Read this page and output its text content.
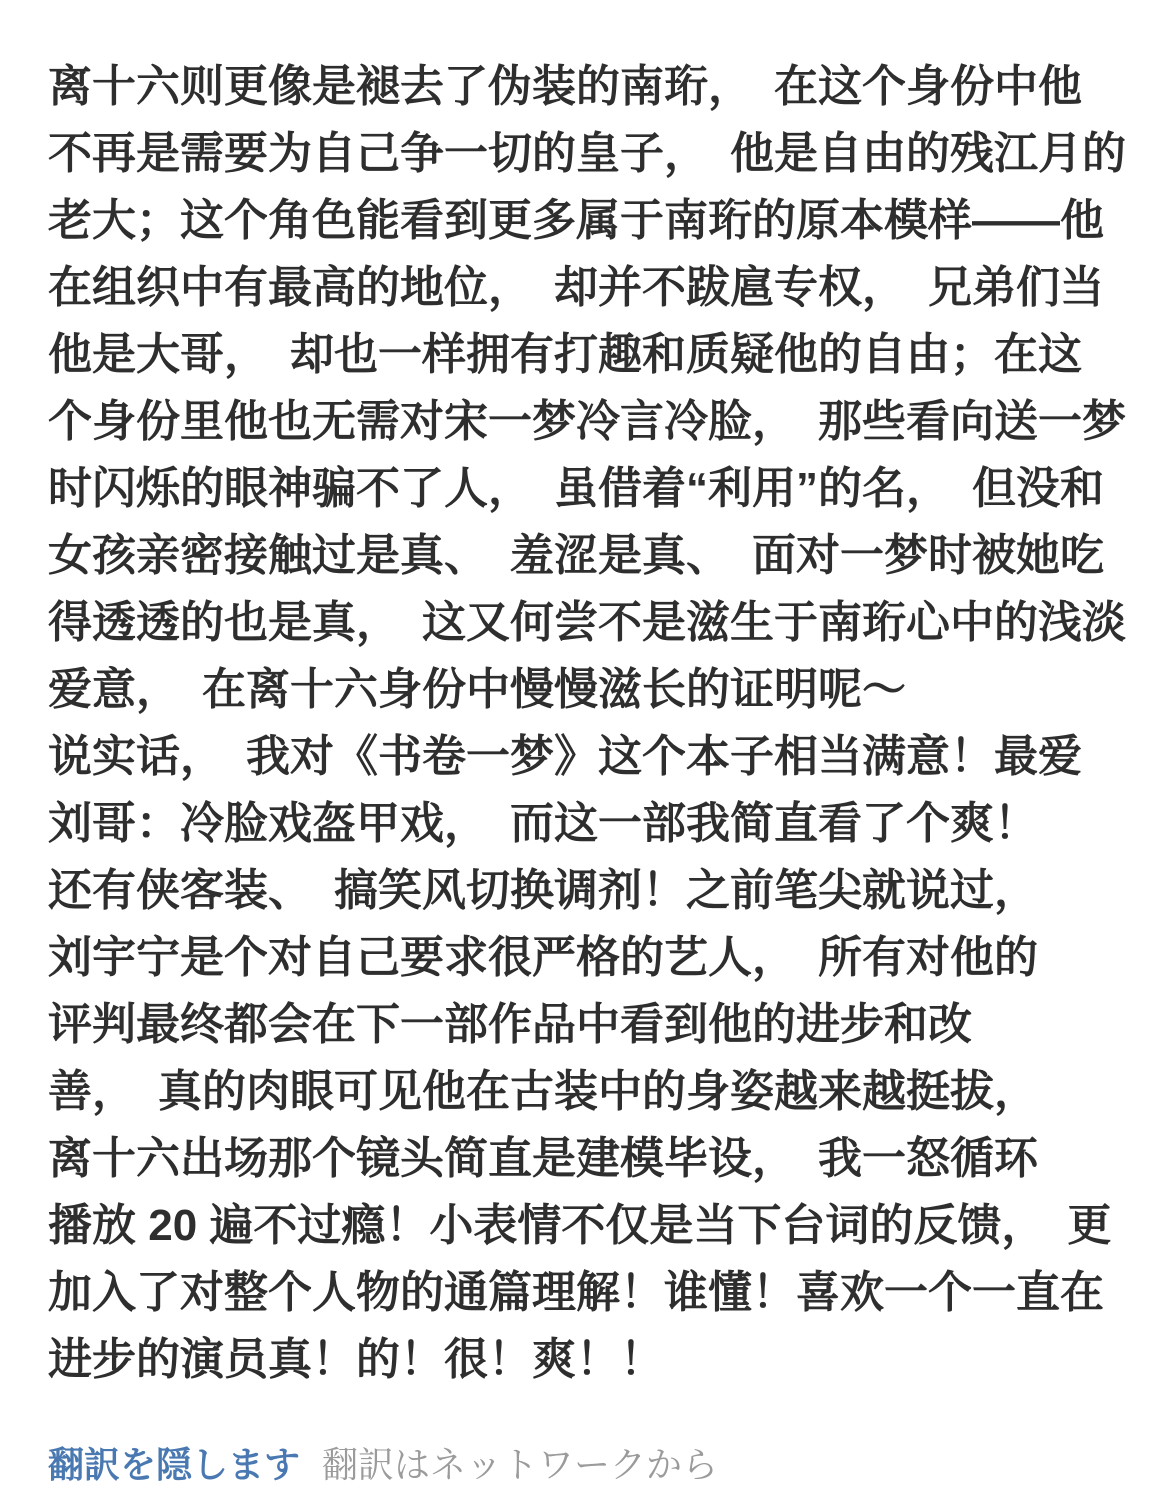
离十六则更像是褪去了伪装的南珩，　在这个身份中他
不再是需要为自己争一切的皇子，　他是自由的残江月的
老大；这个角色能看到更多属于南珩的原本模样——他
在组织中有最高的地位，　却并不跋扈专权，　兄弟们当
他是大哥，　却也一样拥有打趣和质疑他的自由；在这
个身份里他也无需对宋一梦冷言冷脸，　那些看向送一梦
时闪烁的眼神骗不了人，　虽借着“利用”的名，　但没和
女孩亲密接触过是真、　羞涩是真、　面对一梦时被她吃
得透透的也是真，　这又何尝不是滋生于南珩心中的浅淡
爱意，　在离十六身份中慢慢滋长的证明呢～
说实话，　我对《书卷一梦》这个本子相当满意！最爱
刘哥：冷脸戏盔甲戏，　而这一部我简直看了个爽！
还有侠客装、　搞笑风切换调剂！之前笔尖就说过，
刘宇宁是个对自己要求很严格的艺人，　所有对他的
评判最终都会在下一部作品中看到他的进步和改
善，　真的肉眼可见他在古装中的身姿越来越挺拔，
离十六出场那个镜头简直是建模毕设，　我一怒循环
播放 20 遍不过瘾！小表情不仅是当下台词的反馈，　更
加入了对整个人物的通篇理解！谁懂！喜欢一个一直在
进步的演员真！的！很！爽！！
翻訳を隠します 翻訳はネットワークから
